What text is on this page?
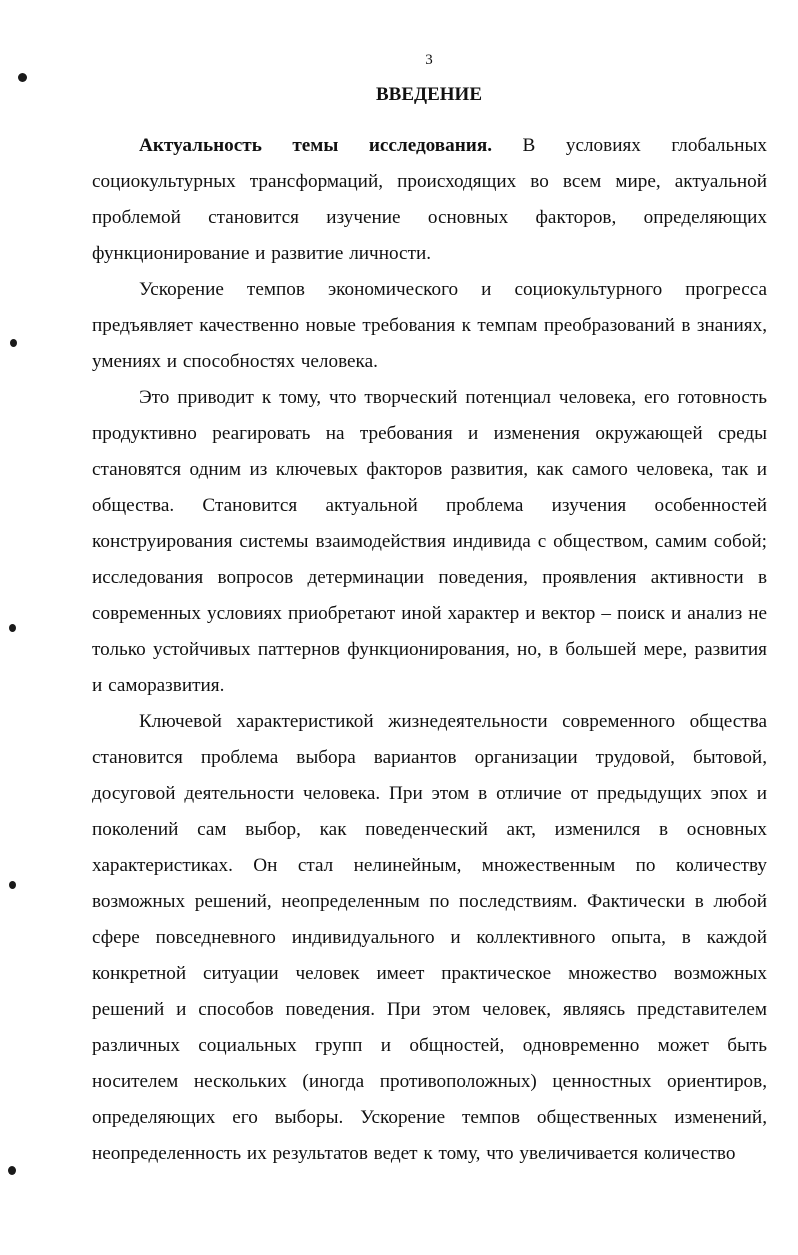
3
ВВЕДЕНИЕ

Актуальность темы исследования. В условиях глобальных социокультурных трансформаций, происходящих во всем мире, актуальной проблемой становится изучение основных факторов, определяющих функционирование и развитие личности.

Ускорение темпов экономического и социокультурного прогресса предъявляет качественно новые требования к темпам преобразований в знаниях, умениях и способностях человека.

Это приводит к тому, что творческий потенциал человека, его готовность продуктивно реагировать на требования и изменения окружающей среды становятся одним из ключевых факторов развития, как самого человека, так и общества. Становится актуальной проблема изучения особенностей конструирования системы взаимодействия индивида с обществом, самим собой; исследования вопросов детерминации поведения, проявления активности в современных условиях приобретают иной характер и вектор – поиск и анализ не только устойчивых паттернов функционирования, но, в большей мере, развития и саморазвития.

Ключевой характеристикой жизнедеятельности современного общества становится проблема выбора вариантов организации трудовой, бытовой, досуговой деятельности человека. При этом в отличие от предыдущих эпох и поколений сам выбор, как поведенческий акт, изменился в основных характеристиках. Он стал нелинейным, множественным по количеству возможных решений, неопределенным по последствиям. Фактически в любой сфере повседневного индивидуального и коллективного опыта, в каждой конкретной ситуации человек имеет практическое множество возможных решений и способов поведения. При этом человек, являясь представителем различных социальных групп и общностей, одновременно может быть носителем нескольких (иногда противоположных) ценностных ориентиров, определяющих его выборы. Ускорение темпов общественных изменений, неопределенность их результатов ведет к тому, что увеличивается количество
